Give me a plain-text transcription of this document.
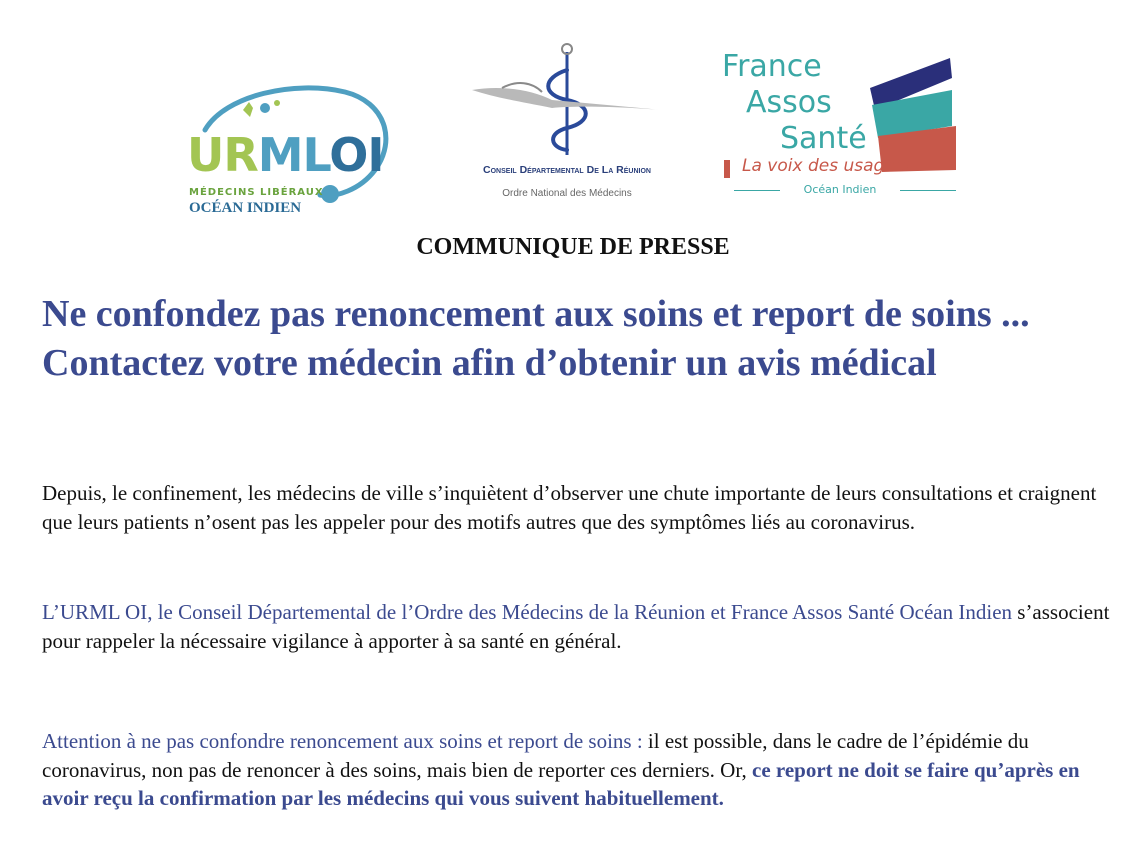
URMLOI
MÉDECINS LIBÉRAUX
OCÉAN INDIEN
Conseil Départemental De La Réunion
Ordre National des Médecins
France
Assos
Santé
La voix des usagers
Océan Indien
COMMUNIQUE DE PRESSE
Ne confondez pas renoncement aux soins et report de soins ... Contactez votre médecin afin d’obtenir un avis médical

Depuis, le confinement, les médecins de ville s’inquiètent d’observer une chute importante de leurs consultations et craignent que leurs patients n’osent pas les appeler pour des motifs autres que des symptômes liés au coronavirus.

L’URML OI, le Conseil Départemental de l’Ordre des Médecins de la Réunion et France Assos Santé Océan Indien s’associent pour rappeler la nécessaire vigilance à apporter à sa santé en général.

Attention à ne pas confondre renoncement aux soins et report de soins : il est possible, dans le cadre de l’épidémie du coronavirus, non pas de renoncer à des soins, mais bien de reporter ces derniers. Or, ce report ne doit se faire qu’après en avoir reçu la confirmation par les médecins qui vous suivent habituellement.
